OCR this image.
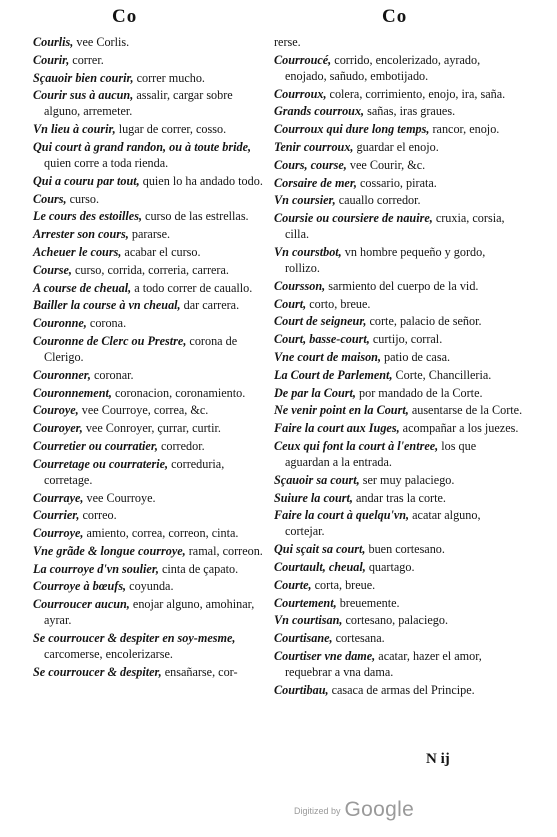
Co	Co
Courlis, vee Corlis.
Courir, correr.
Sçauoir bien courir, correr mucho.
Courir sus à aucun, assalir, cargar sobre alguno, arremeter.
Vn lieu à courir, lugar de correr, cosso.
Qui court à grand randon, ou à toute bride, quien corre a toda rienda.
Qui a couru par tout, quien lo ha andado todo.
Cours, curso.
Le cours des estoilles, curso de las estrellas.
Arrester son cours, pararse.
Acheuer le cours, acabar el curso.
Course, curso, corrida, correria, carrera.
A course de cheual, a todo correr de cauallo.
Bailler la course à vn cheual, dar carrera.
Couronne, corona.
Couronne de Clerc ou Prestre, corona de Clerigo.
Couronner, coronar.
Couronnement, coronacion, coronamiento.
Couroye, vee Courroye, correa, &c.
Couroyer, vee Conroyer, çurrar, curtir.
Courretier ou courratier, corredor.
Courretage ou courraterie, correduria, corretage.
Courraye, vee Courroye.
Courrier, correo.
Courroye, amiento, correa, correon, cinta.
Vne grãde & longue courroye, ramal, correon.
La courroye d'vn soulier, cinta de çapato.
Courroye à bœufs, coyunda.
Courroucer aucun, enojar alguno, amohinar, ayrar.
Se courroucer & despiter en soy-mesme, carcomerse, encolerizarse.
Se courroucer & despiter, ensañarse, cor-
rerse.
Courroucé, corrido, encolerizado, ayrado, enojado, sañudo, embotijado.
Courroux, colera, corrimiento, enojo, ira, saña.
Grands courroux, sañas, iras graues.
Courroux qui dure long temps, rancor, enojo.
Tenir courroux, guardar el enojo.
Cours, course, vee Courir, &c.
Corsaire de mer, cossario, pirata.
Vn coursier, cauallo corredor.
Coursie ou coursiere de nauire, cruxia, corsia, cilla.
Vn courstbot, vn hombre pequeño y gordo, rollizo.
Coursson, sarmiento del cuerpo de la vid.
Court, corto, breue.
Court de seigneur, corte, palacio de señor.
Court, basse-court, curtijo, corral.
Vne court de maison, patio de casa.
La Court de Parlement, Corte, Chancilleria.
De par la Court, por mandado de la Corte.
Ne venir point en la Court, ausentarse de la Corte.
Faire la court aux Iuges, acompañar a los juezes.
Ceux qui font la court à l'entree, los que aguardan a la entrada.
Sçauoir sa court, ser muy palaciego.
Suiure la court, andar tras la corte.
Faire la court à quelqu'vn, acatar alguno, cortejar.
Qui sçait sa court, buen cortesano.
Courtault, cheual, quartago.
Courte, corta, breue.
Courtement, breuemente.
Vn courtisan, cortesano, palaciego.
Courtisane, cortesana.
Courtiser vne dame, acatar, hazer el amor, requebrar a vna dama.
Courtibau, casaca de armas del Principe.
N ij
Digitized by Google
